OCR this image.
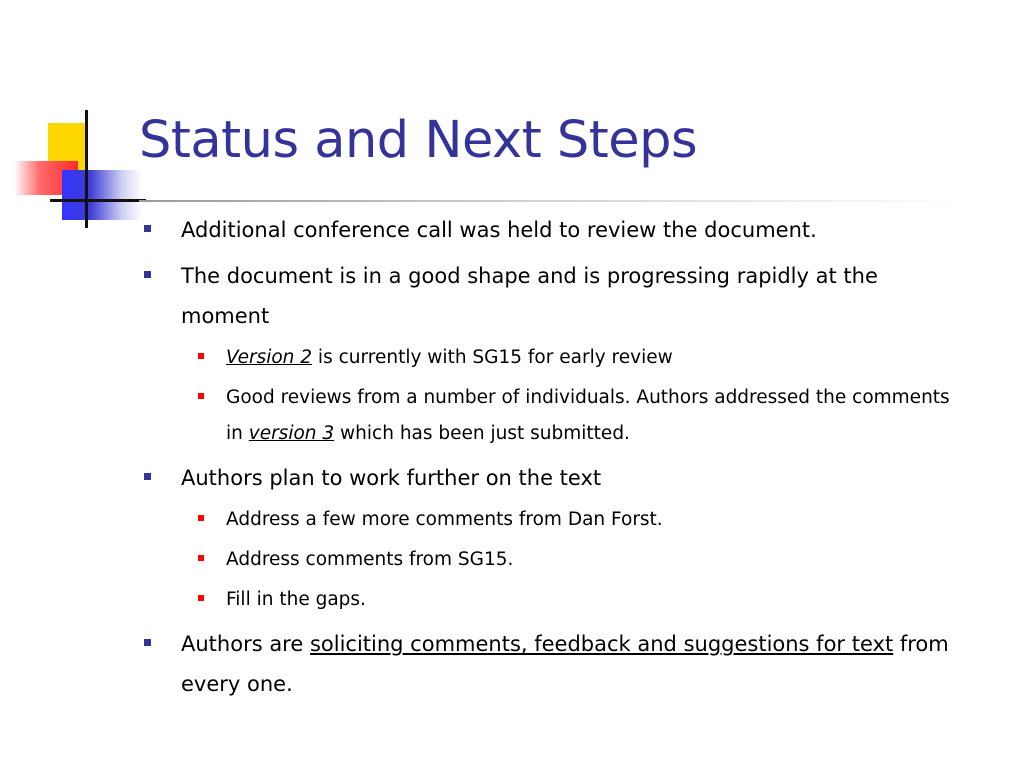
Status and Next Steps

Additional conference call was held to review the document.

The document is in a good shape and is progressing rapidly at the moment

Version 2 is currently with SG15 for early review

Good reviews from a number of individuals. Authors addressed the comments in version 3 which has been just submitted.

Authors plan to work further on the text

Address a few more comments from Dan Forst.

Address comments from SG15.

Fill in the gaps.

Authors are soliciting comments, feedback and suggestions for text from every one.
